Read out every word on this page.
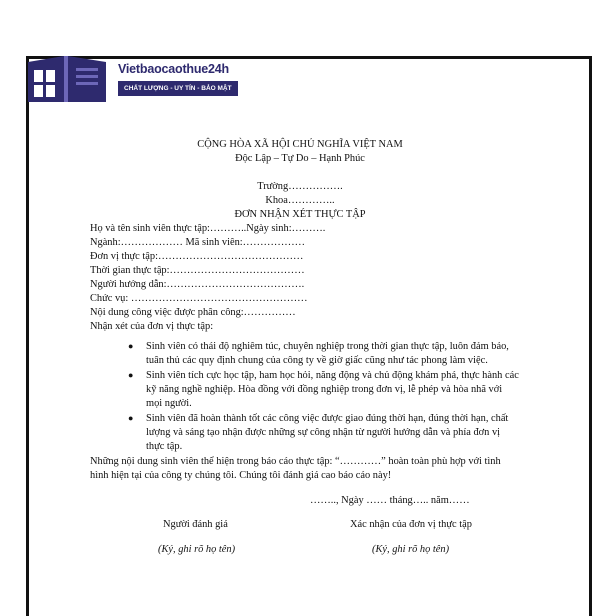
Vietbaocaothue24h
CHẤT LƯỢNG - UY TÍN - BẢO MẬT
CỘNG HÒA XÃ HỘI CHỦ NGHĨA VIỆT NAM
Độc Lập – Tự Do – Hạnh Phúc
Trường…………….
Khoa…………..
ĐƠN NHẬN XÉT THỰC TẬP
Họ và tên sinh viên thực tập:………..Ngày sinh:……….
Ngành:……………… Mã sinh viên:………………
Đơn vị thực tập:……………………………………
Thời gian thực tập:…………………………………
Người hướng dẫn:………………………………….
Chức vụ: ……………………………………………
Nội dung công việc được phân công:……………
Nhận xét của đơn vị thực tập:
●	Sinh viên có thái độ nghiêm túc, chuyên nghiệp trong thời gian thực tập, luôn đảm bảo,
tuân thủ các quy định chung của công ty về giờ giấc cũng như tác phong làm việc.
●	Sinh viên tích cực học tập, ham học hỏi, năng động và chủ động khám phá, thực hành các
kỹ năng nghề nghiệp. Hòa đồng với đồng nghiệp trong đơn vị, lễ phép và hòa nhã với
mọi người.
●	Sinh viên đã hoàn thành tốt các công việc được giao đúng thời hạn, đúng thời hạn, chất
lượng và sáng tạo nhận được những sự công nhận từ người hướng dẫn và phía đơn vị
thực tập.
Những nội dung sinh viên thể hiện trong báo cáo thực tập: “…………” hoàn toàn phù hợp với tình
hình hiện tại của công ty chúng tôi. Chúng tôi đánh giá cao báo cáo này!
…….., Ngày …… tháng….. năm……
Người đánh giá	Xác nhận của đơn vị thực tập
(Ký, ghi rõ họ tên)	(Ký, ghi rõ họ tên)
